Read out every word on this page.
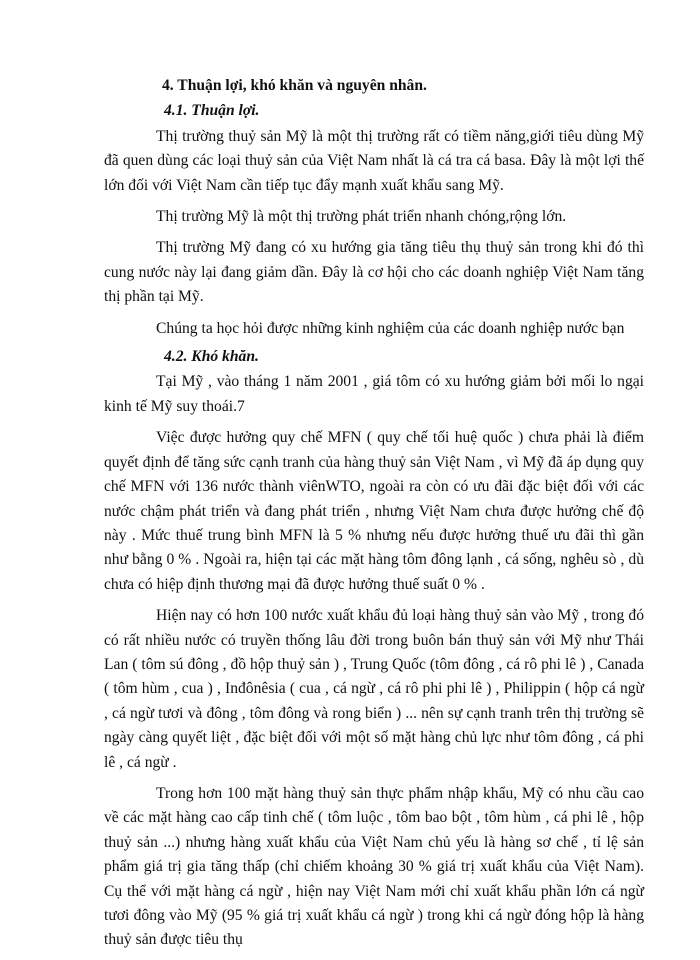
4. Thuận lợi, khó khăn và nguyên nhân.

4.1. Thuận lợi.

Thị trường thuỷ sản Mỹ là một thị trường rất có tiềm năng,giới tiêu dùng Mỹ đã quen dùng các loại thuỷ sản của Việt Nam nhất là cá tra cá basa. Đây là một lợi thế lớn đối với Việt Nam cần tiếp tục đẩy mạnh xuất khẩu sang Mỹ.

Thị trường Mỹ là một thị trường phát triển nhanh chóng,rộng lớn.

Thị trường Mỹ đang có xu hướng gia tăng tiêu thụ thuỷ sản trong khi đó thì cung nước này lại đang giảm dần. Đây là cơ hội cho các doanh nghiệp Việt Nam tăng thị phần tại Mỹ.

Chúng ta học hỏi được những kinh nghiệm của các doanh nghiệp nước bạn

4.2. Khó khăn.

Tại Mỹ , vào tháng 1 năm 2001 , giá tôm có xu hướng giảm bởi mối lo ngại kinh tế Mỹ suy thoái.7

Việc được hưởng quy chế MFN ( quy chế tối huệ quốc ) chưa phải là điểm quyết định để tăng sức cạnh tranh của hàng thuỷ sản Việt Nam , vì Mỹ đã áp dụng quy chế MFN với 136 nước thành viênWTO, ngoài ra còn có ưu đãi đặc biệt đối với các nước chậm phát triển và đang phát triển , nhưng Việt Nam chưa được hưởng chế độ này . Mức thuế trung bình MFN là 5 % nhưng nếu được hưởng thuế ưu đãi thì gần như bằng 0 % . Ngoài ra, hiện tại các mặt hàng tôm đông lạnh , cá sống, nghêu sò , dù chưa có hiệp định thương mại đã được hưởng thuế suất 0 % .

Hiện nay có hơn 100 nước xuất khẩu đủ loại hàng thuỷ sản vào Mỹ , trong đó có rất nhiều nước có truyền thống lâu đời trong buôn bán thuỷ sản với Mỹ như Thái Lan ( tôm sú đông , đồ hộp thuỷ sản ) , Trung Quốc (tôm đông , cá rô phi lê ) , Canada ( tôm hùm , cua ) , Inđônêsia ( cua , cá ngừ , cá rô phi phi lê ) , Philippin ( hộp cá ngừ , cá ngừ tươi và đông , tôm đông và rong biển ) ... nên sự cạnh tranh trên thị trường sẽ ngày càng quyết liệt , đặc biệt đối với một số mặt hàng chủ lực như tôm đông , cá phi lê , cá ngừ .

Trong hơn 100 mặt hàng thuỷ sản thực phẩm nhập khẩu, Mỹ có nhu cầu cao về các mặt hàng cao cấp tinh chế ( tôm luộc , tôm bao bột , tôm hùm , cá phi lê , hộp thuỷ sản ...) nhưng hàng xuất khẩu của Việt Nam chủ yếu là hàng sơ chế , tỉ lệ sản phẩm giá trị gia tăng thấp (chỉ chiếm khoảng 30 % giá trị xuất khẩu của Việt Nam). Cụ thể với mặt hàng cá ngừ , hiện nay Việt Nam mới chỉ xuất khẩu phần lớn cá ngừ tươi đông vào Mỹ (95 % giá trị xuất khẩu cá ngừ ) trong khi cá ngừ đóng hộp là hàng thuỷ sản được tiêu thụ
